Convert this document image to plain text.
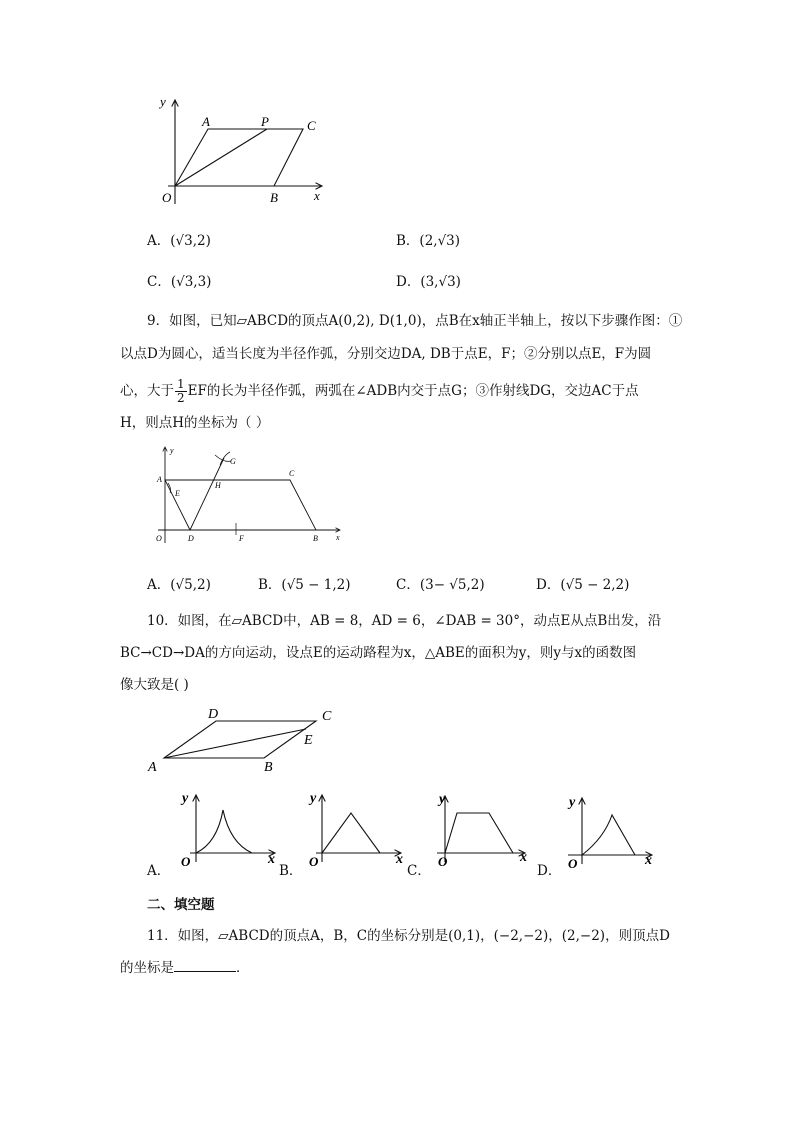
y
A	P	C
O	B	x
A．(√3,2)	B．(2,√3)
C．(√3,3)	D．(3,√3)
9．如图，已知▱ABCD的顶点A(0,2), D(1,0)，点B在x轴正半轴上，按以下步骤作图：①
以点D为圆心，适当长度为半径作弧，分别交边DA, DB于点E，F；②分别以点E，F为圆
心，大于 $\frac{1}{2}$ EF的长为半径作弧，两弧在∠ADB内交于点G；③作射线DG，交边AC于点
H，则点H的坐标为（ ）
y
G
A
C
H
E
O	D	F	B x
A．(√5,2)	B．(√5 − 1,2)	C．(3− √5,2)	D．(√5 − 2,2)
10．如图，在▱ABCD中，AB = 8，AD = 6，∠DAB = 30°，动点E从点B出发，沿
BC→CD→DA的方向运动，设点E的运动路程为x，△ABE的面积为y，则y与x的函数图
像大致是( )
D	C
E
A	B
y
O	x
A．
y
O	x
B．
y
O	x
C．
y
O	x
D．
二、填空题
11．如图，▱ABCD的顶点A，B，C的坐标分别是(0,1)，(−2,−2)，(2,−2)，则顶点D
的坐标是	．
